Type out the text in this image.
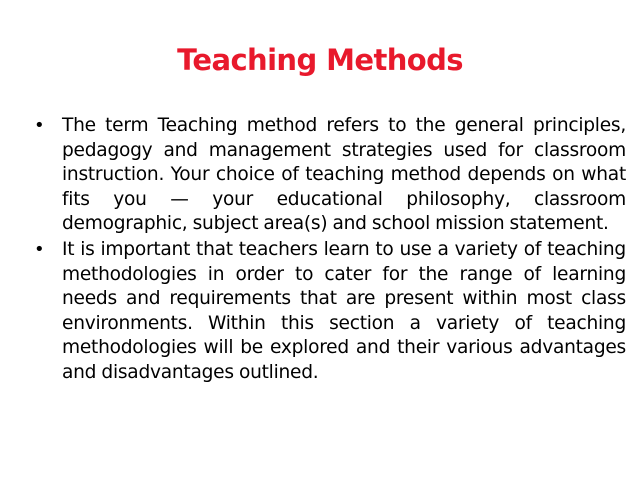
Teaching Methods
• The term Teaching method refers to the general principles, pedagogy and management strategies used for classroom instruction. Your choice of teaching method depends on what fits you — your educational philosophy, classroom demographic, subject area(s) and school mission statement.
• It is important that teachers learn to use a variety of teaching methodologies in order to cater for the range of learning needs and requirements that are present within most class environments. Within this section a variety of teaching methodologies will be explored and their various advantages and disadvantages outlined.
